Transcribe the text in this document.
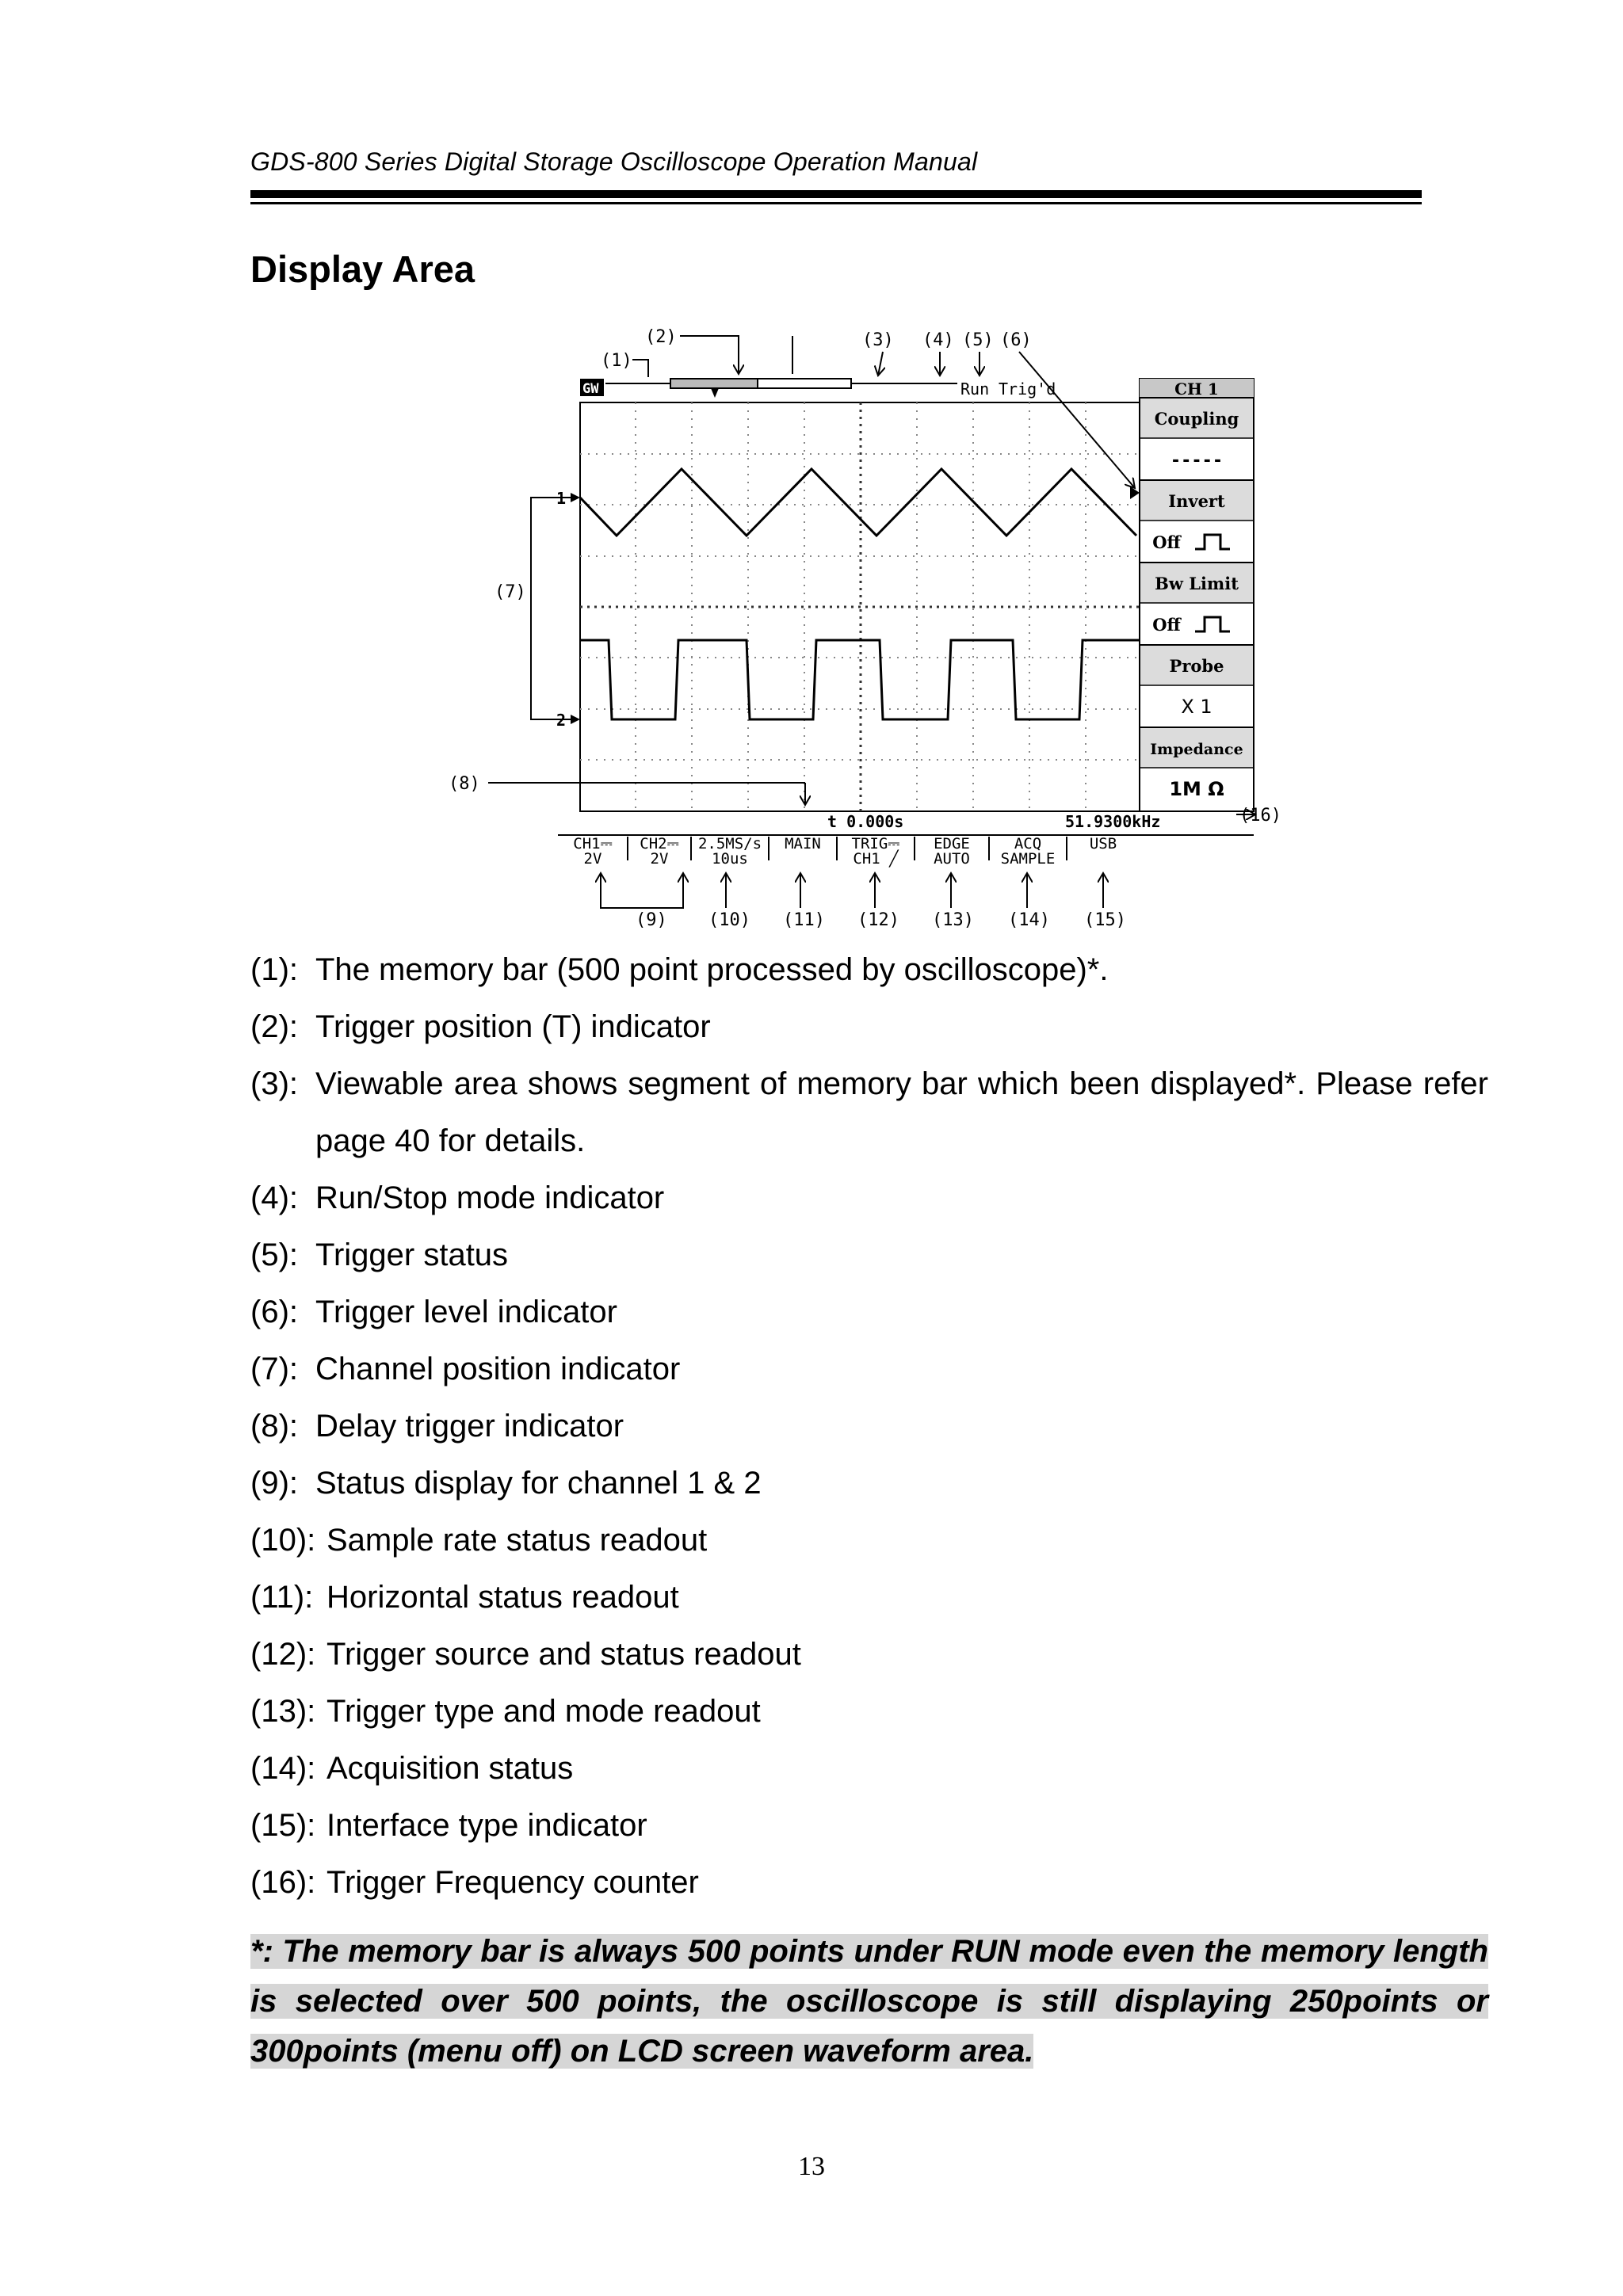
GDS-800 Series Digital Storage Oscilloscope Operation Manual
Display Area
GW	Run Trig'd
1
2
t 0.000s	51.9300kHz
CH 1
Coupling
-----
Invert
Off
Bw Limit
Off
Probe
X 1
Impedance
1M Ω
CH1⎓
2V
CH2⎓
2V
2.5MS/s
10us
MAIN TRIG⎓
CH1 ╱
EDGE
AUTO
ACQ
SAMPLE
USB
(1)
(2)	(3) (4) (5) (6)
(7)
(8)
(9) (10) (11) (12) (13) (14) (15)
(16)
(1): The memory bar (500 point processed by oscilloscope)*.
(2): Trigger position (T) indicator
(3): Viewable area shows segment of memory bar which been displayed*. Please refer page 40 for details.
(4): Run/Stop mode indicator
(5): Trigger status
(6): Trigger level indicator
(7): Channel position indicator
(8): Delay trigger indicator
(9): Status display for channel 1 & 2
(10): Sample rate status readout
(11): Horizontal status readout
(12): Trigger source and status readout
(13): Trigger type and mode readout
(14): Acquisition status
(15): Interface type indicator
(16): Trigger Frequency counter
*: The memory bar is always 500 points under RUN mode even the memory length is selected over 500 points, the oscilloscope is still displaying 250points or 300points (menu off) on LCD screen waveform area.
13
